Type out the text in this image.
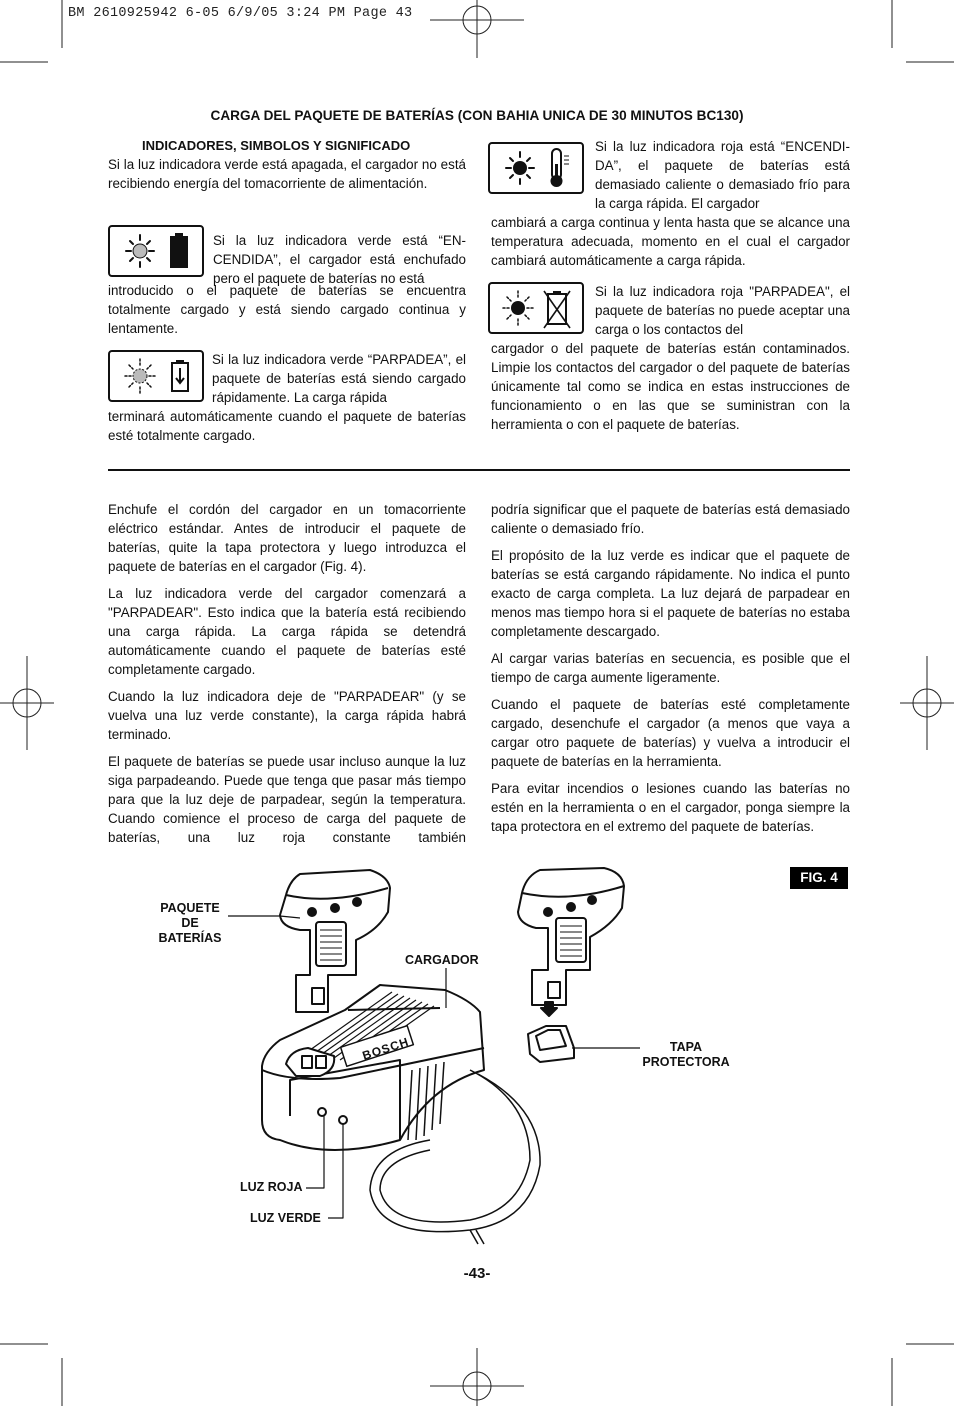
BM 2610925942 6-05 6/9/05 3:24 PM Page 43
CARGA DEL PAQUETE DE BATERÍAS (CON BAHIA UNICA DE 30 MINUTOS BC130)
INDICADORES, SIMBOLOS Y SIGNIFICADO

Si la luz indicadora verde está apagada, el cargador no está recibiendo energía del tomacorriente de alimentación.

Si la luz indicadora verde está “EN-CENDIDA”, el cargador está enchufado pero el paquete de baterías no está

introducido o el paquete de baterías se encuentra totalmente cargado y está siendo cargado continua y lentamente.

Si la luz indicadora verde “PARPADEA”, el paquete de baterías está siendo cargado rápidamente. La carga rápida

terminará automáticamente cuando el paquete de baterías esté totalmente cargado.

Si la luz indicadora roja está “ENCENDI-DA”, el paquete de baterías está demasiado caliente o demasiado frío para la carga rápida. El cargador

cambiará a carga continua y lenta hasta que se alcance una temperatura adecuada, momento en el cual el cargador cambiará automáticamente a carga rápida.

Si la luz indicadora roja "PARPADEA", el paquete de baterías no puede aceptar una carga o los contactos del

cargador o del paquete de baterías están contaminados. Limpie los contactos del cargador o del paquete de baterías únicamente tal como se indica en estas instrucciones de funcionamiento o en las que se suministran con la herramienta o con el paquete de baterías.

Enchufe el cordón del cargador en un tomacorriente eléctrico estándar. Antes de introducir el paquete de baterías, quite la tapa protectora y luego introduzca el paquete de baterías en el cargador (Fig. 4).

La luz indicadora verde del cargador comenzará a "PARPADEAR". Esto indica que la batería está recibiendo una carga rápida. La carga rápida se detendrá automáticamente cuando el paquete de baterías esté completamente cargado.

Cuando la luz indicadora deje de "PARPADEAR" (y se vuelva una luz verde constante), la carga rápida habrá terminado.

El paquete de baterías se puede usar incluso aunque la luz siga parpadeando. Puede que tenga que pasar más tiempo para que la luz deje de parpadear, según la temperatura. Cuando comience el proceso de carga del paquete de baterías, una luz roja constante también

podría significar que el paquete de baterías está demasiado caliente o demasiado frío.

El propósito de la luz verde es indicar que el paquete de baterías se está cargando rápidamente. No indica el punto exacto de carga completa. La luz dejará de parpadear en menos mas tiempo hora si el paquete de baterías no estaba completamente descargado.

Al cargar varias baterías en secuencia, es posible que el tiempo de carga aumente ligeramente.

Cuando el paquete de baterías esté completamente cargado, desenchufe el cargador (a menos que vaya a cargar otro paquete de baterías) y vuelva a introducir el paquete de baterías en la herramienta.

Para evitar incendios o lesiones cuando las baterías no estén en la herramienta o en el cargador, ponga siempre la tapa protectora en el extremo del paquete de baterías.

FIG. 4
BOSCH
PAQUETE DE
BATERÍAS
CARGADOR
TAPA
PROTECTORA
LUZ ROJA
LUZ VERDE
-43-
